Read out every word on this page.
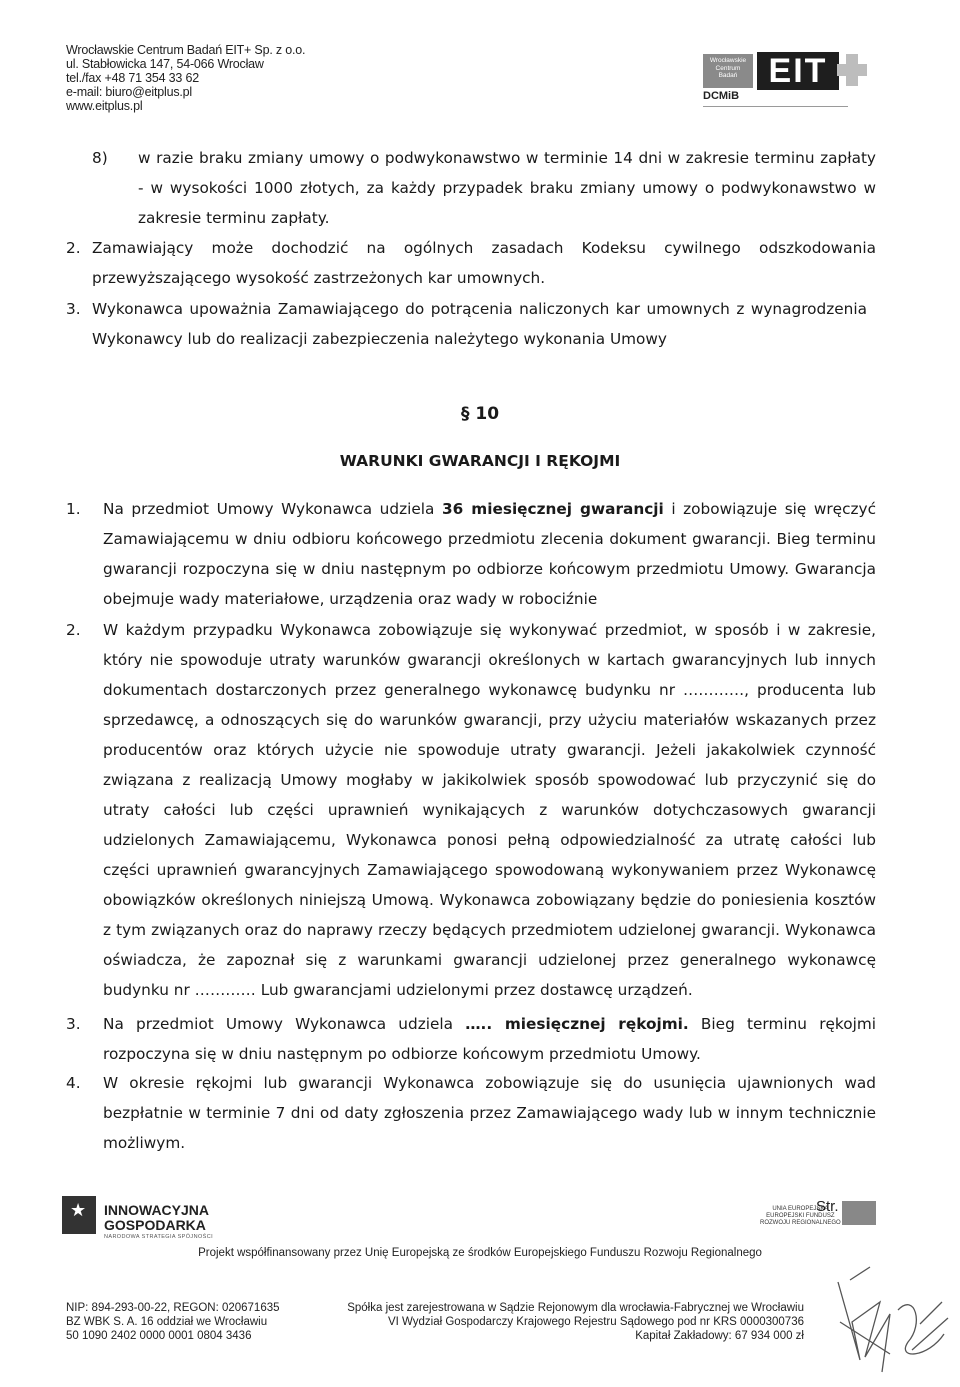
Wrocławskie Centrum Badań EIT+ Sp. z o.o.
ul. Stabłowicka 147, 54-066 Wrocław
tel./fax +48 71 354 33 62
e-mail: biuro@eitplus.pl
www.eitplus.pl
Wrocławskie
Centrum
Badań EIT
DCMiB
8) w razie braku zmiany umowy o podwykonawstwo w terminie 14 dni w zakresie terminu zapłaty - w wysokości 1000 złotych, za każdy przypadek braku zmiany umowy o podwykonawstwo w zakresie terminu zapłaty.
2. Zamawiający może dochodzić na ogólnych zasadach Kodeksu cywilnego odszkodowania przewyższającego wysokość zastrzeżonych kar umownych.
3. Wykonawca upoważnia Zamawiającego do potrącenia naliczonych kar umownych z wynagrodzenia Wykonawcy lub do realizacji zabezpieczenia należytego wykonania Umowy
§ 10
WARUNKI GWARANCJI I RĘKOJMI
1. Na przedmiot Umowy Wykonawca udziela 36 miesięcznej gwarancji i zobowiązuje się wręczyć Zamawiającemu w dniu odbioru końcowego przedmiotu zlecenia dokument gwarancji. Bieg terminu gwarancji rozpoczyna się w dniu następnym po odbiorze końcowym przedmiotu Umowy. Gwarancja obejmuje wady materiałowe, urządzenia oraz wady w robociźnie
2. W każdym przypadku Wykonawca zobowiązuje się wykonywać przedmiot, w sposób i w zakresie, który nie spowoduje utraty warunków gwarancji określonych w kartach gwarancyjnych lub innych dokumentach dostarczonych przez generalnego wykonawcę budynku nr …………, producenta lub sprzedawcę, a odnoszących się do warunków gwarancji, przy użyciu materiałów wskazanych przez producentów oraz których użycie nie spowoduje utraty gwarancji. Jeżeli jakakolwiek czynność związana z realizacją Umowy mogłaby w jakikolwiek sposób spowodować lub przyczynić się do utraty całości lub części uprawnień wynikających z warunków dotychczasowych gwarancji udzielonych Zamawiającemu, Wykonawca ponosi pełną odpowiedzialność za utratę całości lub części uprawnień gwarancyjnych Zamawiającego spowodowaną wykonywaniem przez Wykonawcę obowiązków określonych niniejszą Umową. Wykonawca zobowiązany będzie do poniesienia kosztów z tym związanych oraz do naprawy rzeczy będących przedmiotem udzielonej gwarancji. Wykonawca oświadcza, że zapoznał się z warunkami gwarancji udzielonej przez generalnego wykonawcę budynku nr ………… Lub gwarancjami udzielonymi przez dostawcę urządzeń.
3. Na przedmiot Umowy Wykonawca udziela ….. miesięcznej rękojmi. Bieg terminu rękojmi rozpoczyna się w dniu następnym po odbiorze końcowym przedmiotu Umowy.
4. W okresie rękojmi lub gwarancji Wykonawca zobowiązuje się do usunięcia ujawnionych wad bezpłatnie w terminie 7 dni od daty zgłoszenia przez Zamawiającego wady lub w innym technicznie możliwym.
★ INNOWACYJNA
GOSPODARKA
NARODOWA STRATEGIA SPÓJNOŚCI
UNIA EUROPEJSKA
EUROPEJSKI FUNDUSZ
ROZWOJU REGIONALNEGO
Str.
Projekt współfinansowany przez Unię Europejską ze środków Europejskiego Funduszu Rozwoju Regionalnego
NIP: 894-293-00-22, REGON: 020671635
BZ WBK S. A. 16 oddział we Wrocławiu
50 1090 2402 0000 0001 0804 3436
Spółka jest zarejestrowana w Sądzie Rejonowym dla wrocławia-Fabrycznej we Wrocławiu
VI Wydział Gospodarczy Krajowego Rejestru Sądowego pod nr KRS 0000300736
Kapitał Zakładowy: 67 934 000 zł
